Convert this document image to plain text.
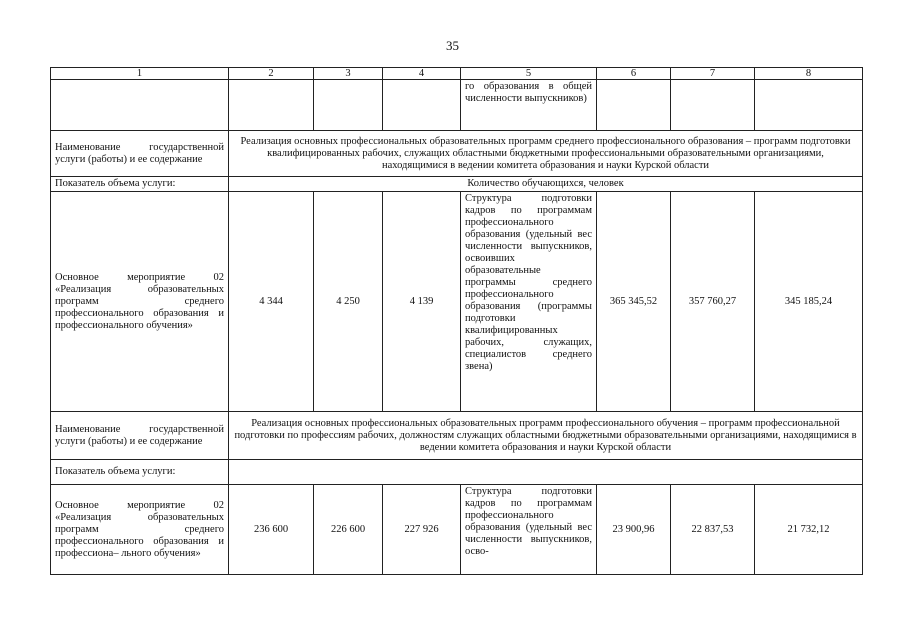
35
1	2	3	4	5	6	7	8
				го образования в общей численности выпускников)			
Наименование государственной услуги (работы) и ее содержание	Реализация основных профессиональных образовательных программ среднего профессионального образования – программ подготовки квалифицированных рабочих, служащих областными бюджетными профессиональными образовательными организациями, находящимися в ведении комитета образования и науки Курской области						
Показатель объема услуги:	Количество обучающихся, человек						
Основное мероприятие 02 «Реализация образовательных программ среднего профессионального образования и профессионального обучения»	4 344	4 250	4 139	Структура подготовки кадров по программам профессионального образования (удельный вес численности выпускников, освоивших образовательные программы среднего профессионального образования (программы подготовки квалифицированных рабочих, служащих, специалистов среднего звена)	365 345,52	357 760,27	345 185,24
Наименование государственной услуги (работы) и ее содержание	Реализация основных профессиональных образовательных программ профессионального обучения – программ профессиональной подготовки по профессиям рабочих, должностям служащих областными бюджетными образовательными организациями, находящимися в ведении комитета образования и науки Курской области						
Показатель объема услуги:							
Основное мероприятие 02 «Реализация образовательных программ среднего профессионального образования и профессиона– льного обучения»	236 600	226 600	227 926	Структура подготовки кадров по программам профессионального образования (удельный вес численности выпускников, осво-	23 900,96	22 837,53	21 732,12
